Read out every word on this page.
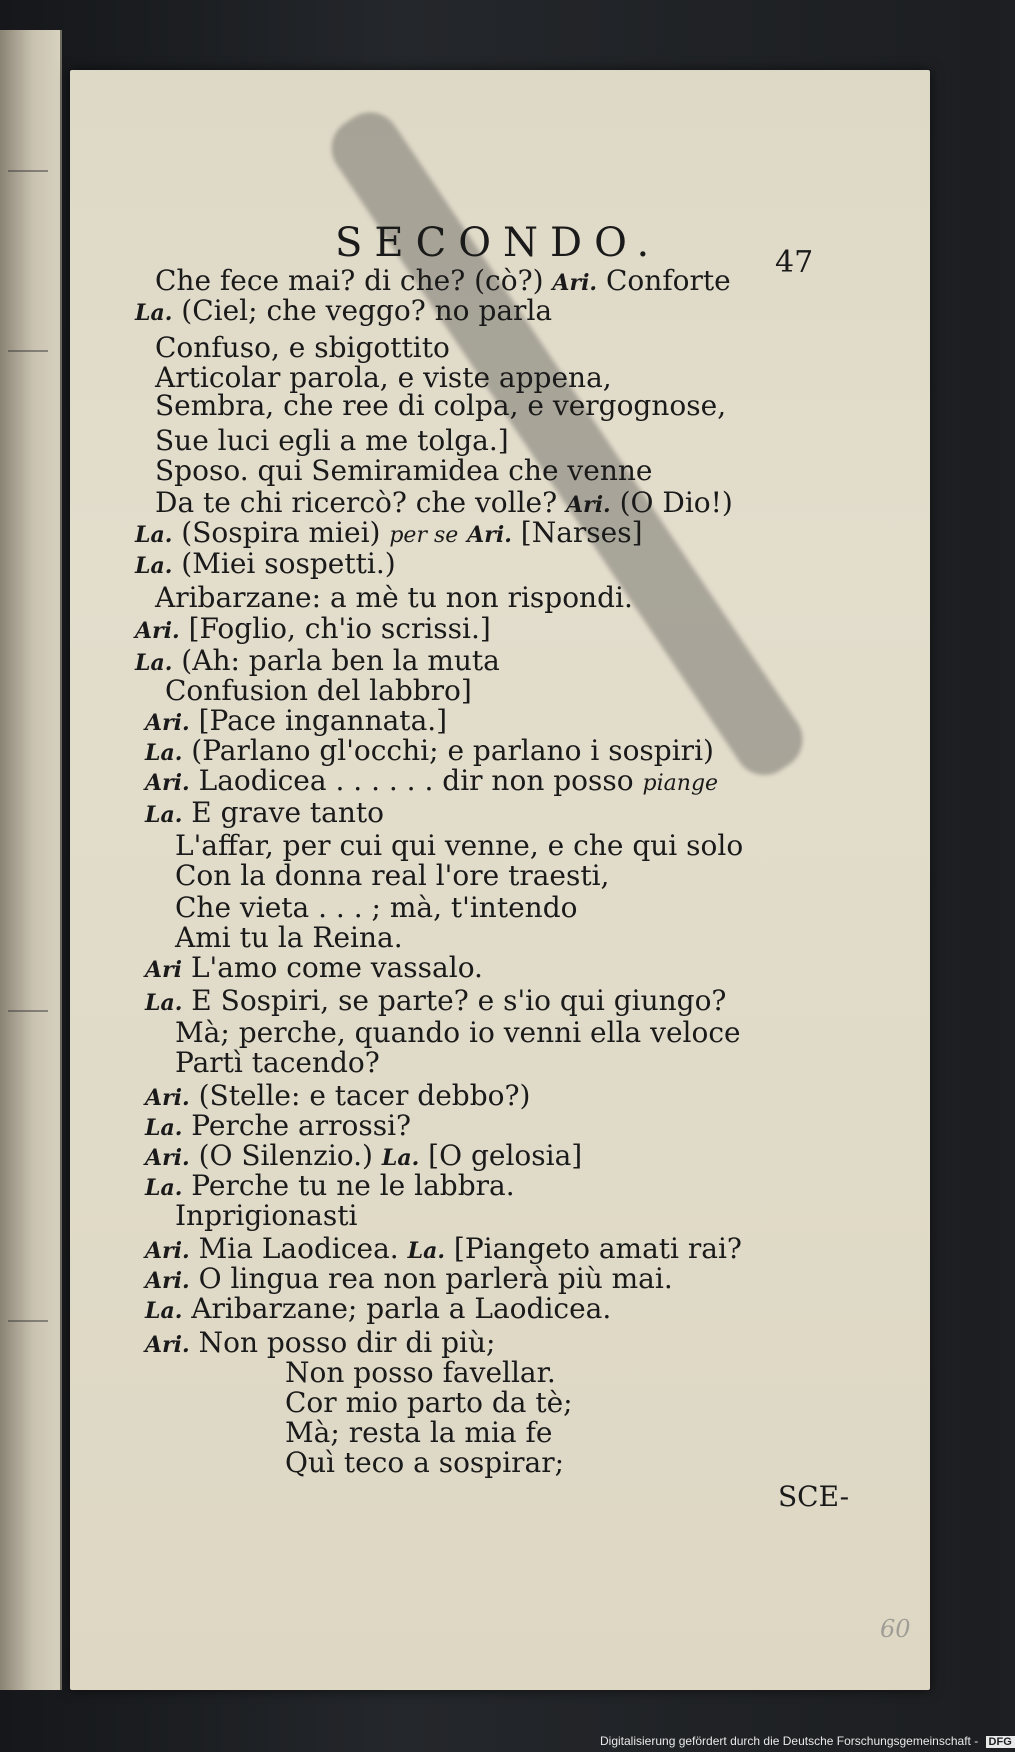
SECONDO.	47
Che fece mai? di che? (cò?) Ari. Conforte
La. (Ciel; che veggo? no parla
Confuso, e sbigottito
Articolar parola, e viste appena,
Sembra, che ree di colpa, e vergognose,
Sue luci egli a me tolga.]
Sposo. qui Semiramidea che venne
Da te chi ricercò? che volle? Ari. (O Dio!)
La. (Sospira miei) per se Ari. [Narses]
La. (Miei sospetti.)
Aribarzane: a mè tu non rispondi.
Ari. [Foglio, ch'io scrissi.]
La. (Ah: parla ben la muta
Confusion del labbro]
Ari. [Pace ingannata.]
La. (Parlano gl'occhi; e parlano i sospiri)
Ari. Laodicea . . . . . . dir non posso piange
La. E grave tanto
L'affar, per cui qui venne, e che qui solo
Con la donna real l'ore traesti,
Che vieta . . . ; mà, t'intendo
Ami tu la Reina.
Ari L'amo come vassalo.
La. E Sospiri, se parte? e s'io qui giungo?
Mà; perche, quando io venni ella veloce
Partì tacendo?
Ari. (Stelle: e tacer debbo?)
La. Perche arrossi?
Ari. (O Silenzio.) La. [O gelosia]
La. Perche tu ne le labbra.
Inprigionasti
Ari. Mia Laodicea. La. [Piangeto amati rai?
Ari. O lingua rea non parlerà più mai.
La. Aribarzane; parla a Laodicea.
Ari. Non posso dir di più;
Non posso favellar.
Cor mio parto da tè;
Mà; resta la mia fe
Quì teco a sospirar;
SCE-
60
Digitalisierung gefördert durch die Deutsche Forschungsgemeinschaft - DFG
